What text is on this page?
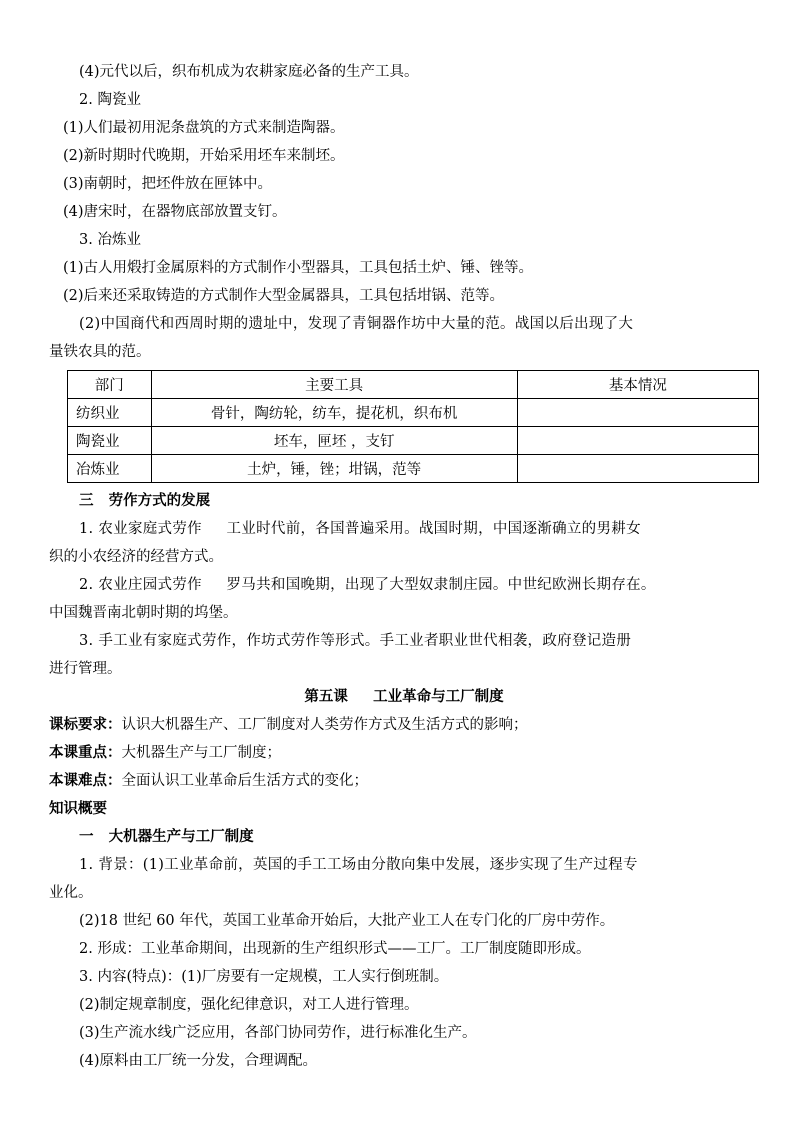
(4)元代以后，织布机成为农耕家庭必备的生产工具。
2. 陶瓷业
(1)人们最初用泥条盘筑的方式来制造陶器。
(2)新时期时代晚期，开始采用坯车来制坯。
(3)南朝时，把坯件放在匣钵中。
(4)唐宋时，在器物底部放置支钉。
3. 冶炼业
(1)古人用煅打金属原料的方式制作小型器具，工具包括土炉、锤、锉等。
(2)后来还采取铸造的方式制作大型金属器具，工具包括坩锅、范等。
(2)中国商代和西周时期的遗址中，发现了青铜器作坊中大量的范。战国以后出现了大
量铁农具的范。
部门	主要工具	基本情况
纺织业	骨针，陶纺轮，纺车，提花机，织布机	
陶瓷业	坯车，匣坯 ，支钉	
冶炼业	土炉，锤，锉；坩锅，范等	
三   劳作方式的发展
1. 农业家庭式劳作     工业时代前，各国普遍采用。战国时期，中国逐渐确立的男耕女
织的小农经济的经营方式。
2. 农业庄园式劳作     罗马共和国晚期，出现了大型奴隶制庄园。中世纪欧洲长期存在。
中国魏晋南北朝时期的坞堡。
3. 手工业有家庭式劳作，作坊式劳作等形式。手工业者职业世代相袭，政府登记造册
进行管理。
第五课     工业革命与工厂制度
课标要求：认识大机器生产、工厂制度对人类劳作方式及生活方式的影响；
本课重点：大机器生产与工厂制度；
本课难点：全面认识工业革命后生活方式的变化；
知识概要
一   大机器生产与工厂制度
1. 背景：(1)工业革命前，英国的手工工场由分散向集中发展，逐步实现了生产过程专
业化。
(2)18 世纪 60 年代，英国工业革命开始后，大批产业工人在专门化的厂房中劳作。
2. 形成：工业革命期间，出现新的生产组织形式——工厂。工厂制度随即形成。
3. 内容(特点)：(1)厂房要有一定规模，工人实行倒班制。
(2)制定规章制度，强化纪律意识，对工人进行管理。
(3)生产流水线广泛应用，各部门协同劳作，进行标准化生产。
(4)原料由工厂统一分发，合理调配。
